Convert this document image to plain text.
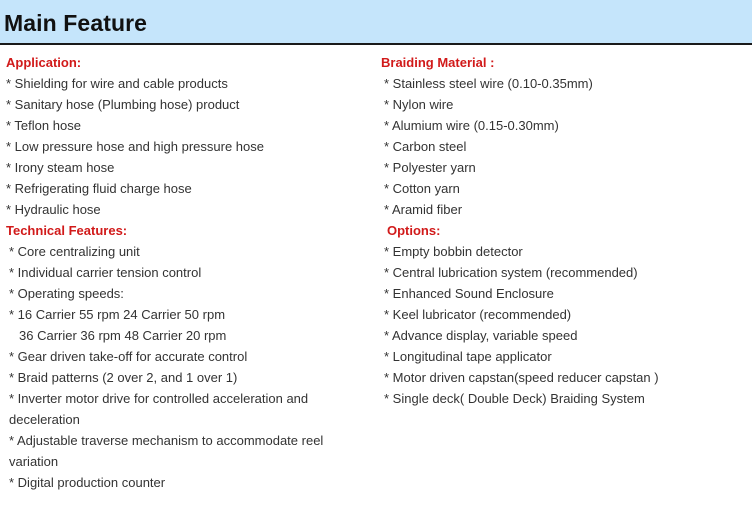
Main Feature
Application:
* Shielding for wire and cable products
* Sanitary hose (Plumbing hose) product
* Teflon hose
* Low pressure hose and high pressure hose
* Irony steam hose
* Refrigerating fluid charge hose
* Hydraulic hose
Technical Features:
* Core centralizing unit
* Individual carrier tension control
* Operating speeds:
* 16 Carrier 55 rpm 24 Carrier 50 rpm
36 Carrier 36 rpm 48 Carrier 20 rpm
* Gear driven take-off for accurate control
* Braid patterns (2 over 2, and 1 over 1)
* Inverter motor drive for controlled acceleration and deceleration
* Adjustable traverse mechanism to accommodate reel variation
* Digital production counter
Braiding Material :
* Stainless steel wire (0.10-0.35mm)
* Nylon wire
* Alumium wire (0.15-0.30mm)
* Carbon steel
* Polyester yarn
* Cotton yarn
* Aramid fiber
Options:
* Empty bobbin detector
* Central lubrication system (recommended)
* Enhanced Sound Enclosure
* Keel lubricator (recommended)
* Advance display, variable speed
* Longitudinal tape applicator
* Motor driven capstan(speed reducer capstan )
* Single deck( Double Deck) Braiding System
